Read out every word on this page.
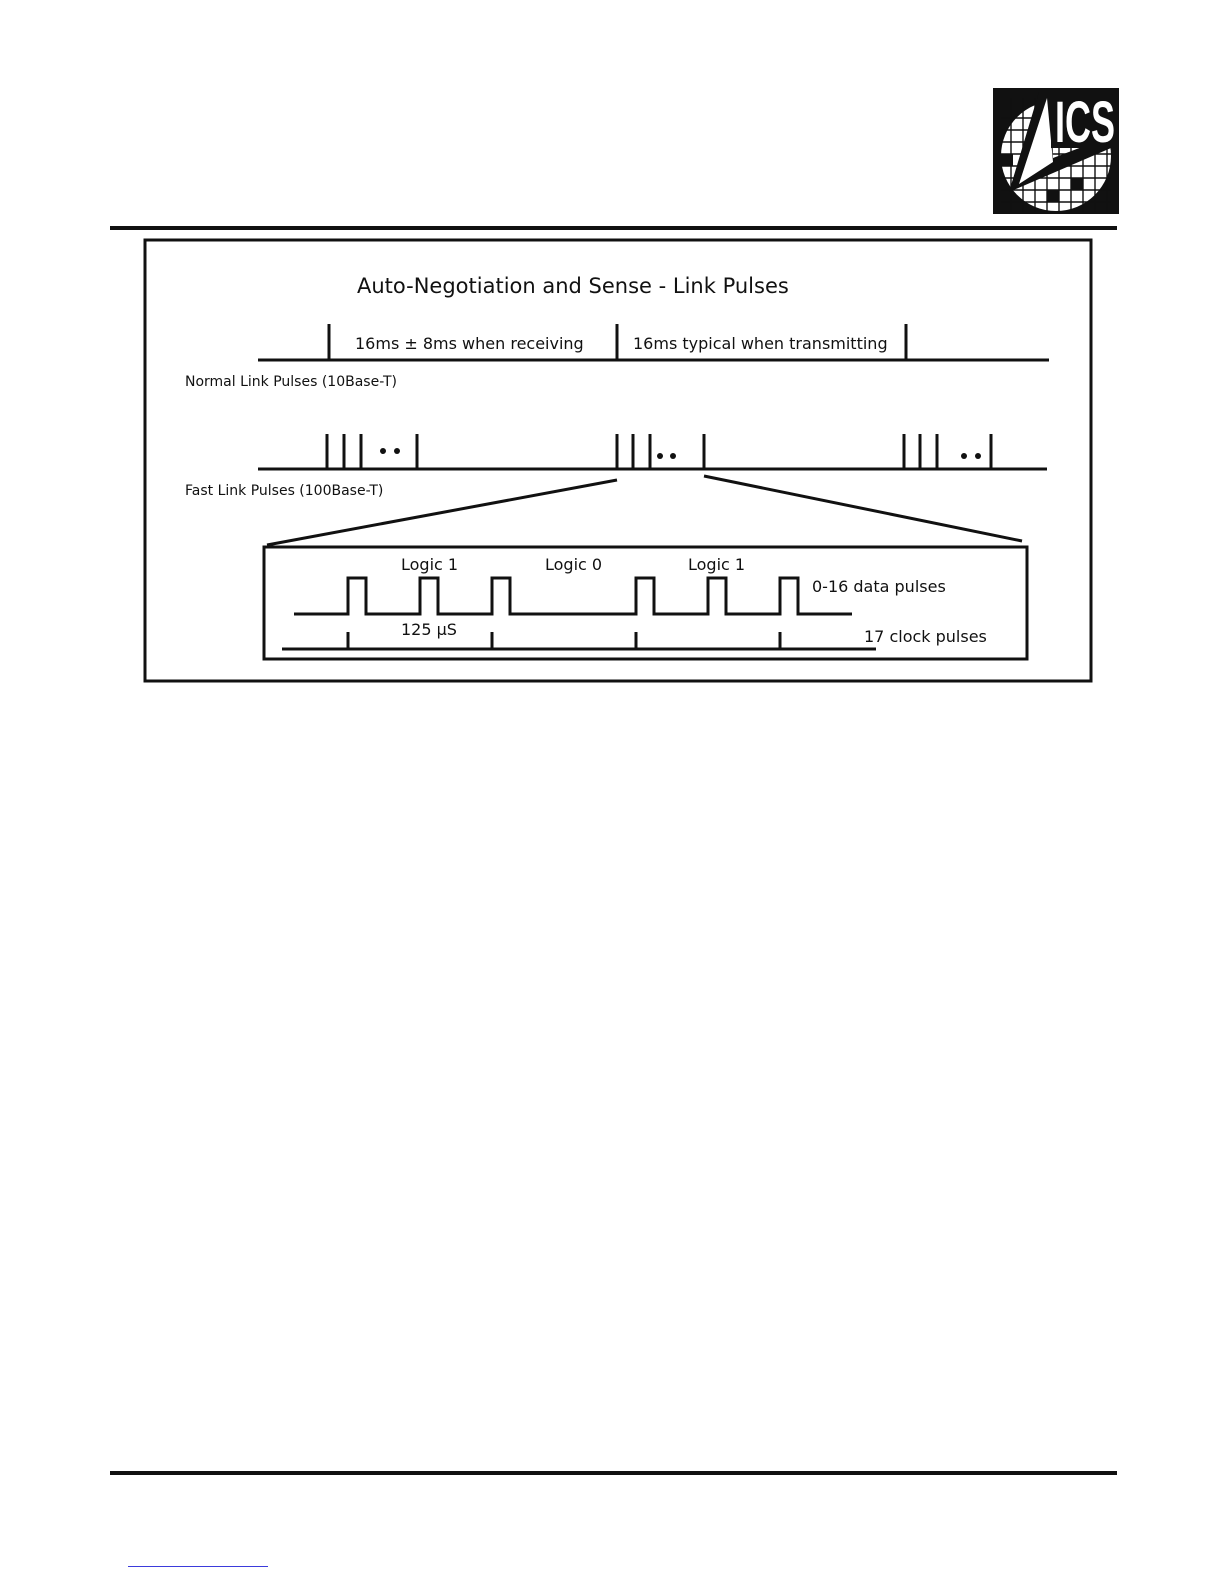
ICS
Auto-Negotiation and Sense - Link Pulses
16ms ± 8ms when receiving	16ms typical when transmitting
Normal Link Pulses (10Base-T)
Fast Link Pulses (100Base-T)
Logic 1	Logic 0	Logic 1
0-16 data pulses
125 μS	17 clock pulses
